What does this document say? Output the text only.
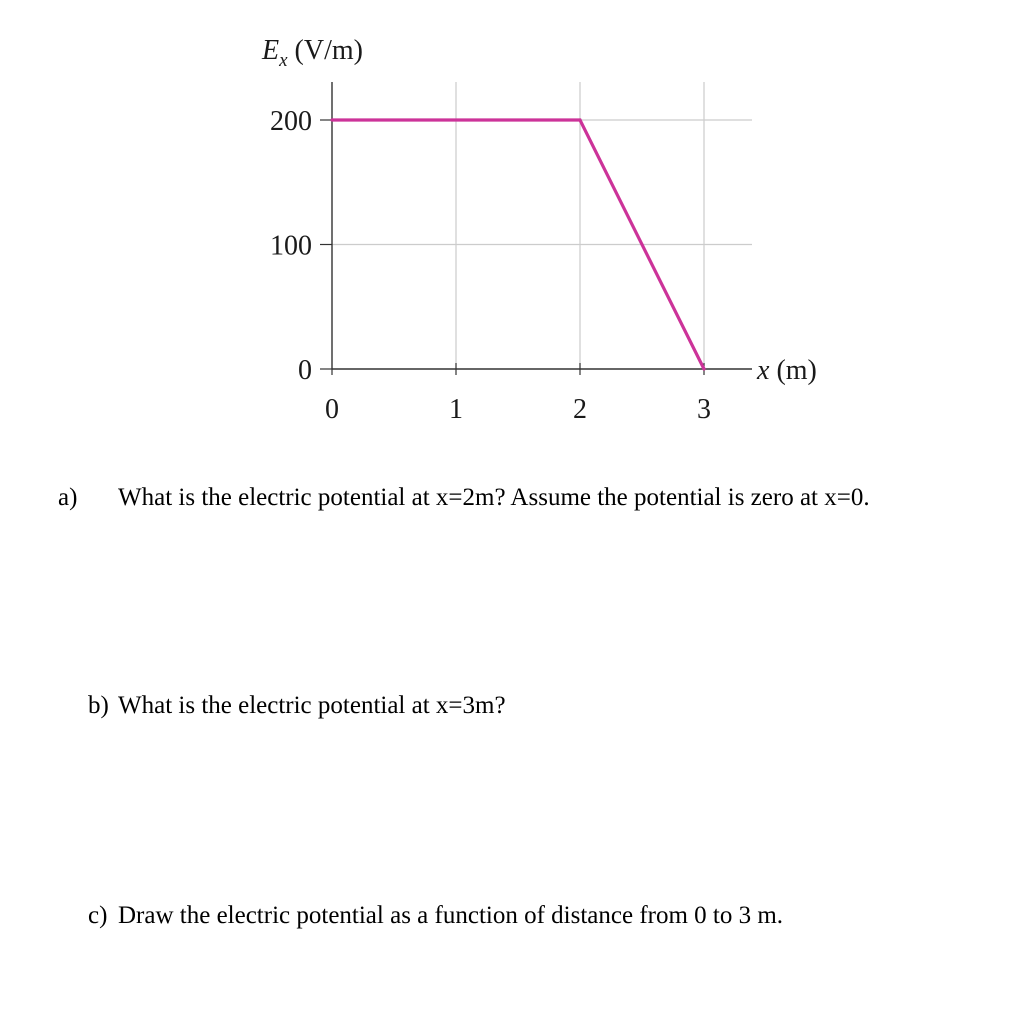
$E_x$ (V/m)
x (m)
0	1	2	3
0
100
200

a) What is the electric potential at x=2m? Assume the potential is zero at x=0.

b) What is the electric potential at x=3m?

c) Draw the electric potential as a function of distance from 0 to 3 m.
